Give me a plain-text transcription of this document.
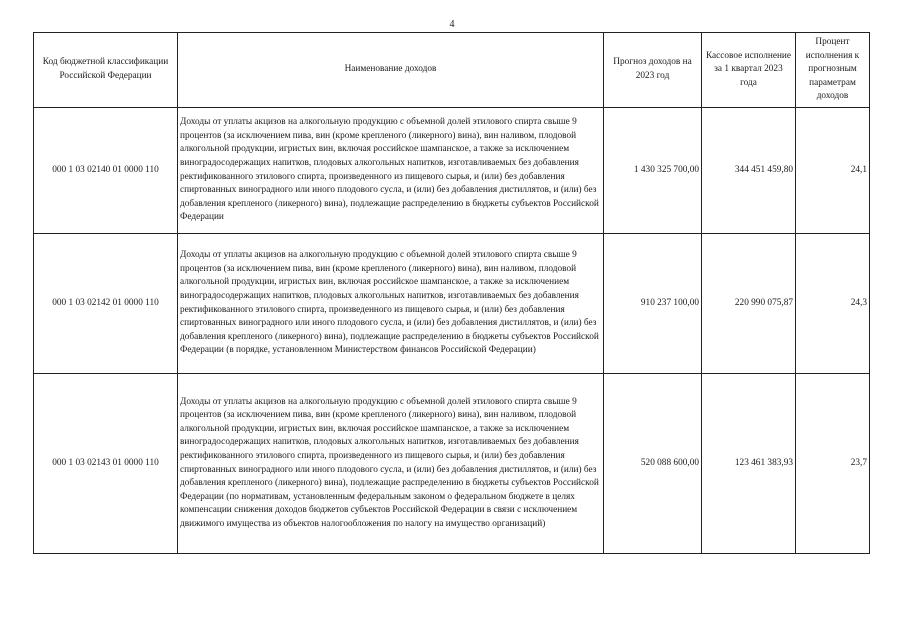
4
Код бюджетной классификации Российской Федерации	Наименование доходов	Прогноз доходов на 2023 год	Кассовое исполнение за 1 квартал 2023 года	Процент исполнения к прогнозным параметрам доходов
000 1 03 02140 01 0000 110	Доходы от уплаты акцизов на алкогольную продукцию с объемной долей этилового спирта свыше 9 процентов (за исключением пива, вин (кроме крепленого (ликерного) вина), вин наливом, плодовой алкогольной продукции, игристых вин, включая российское шампанское, а также за исключением виноградосодержащих напитков, плодовых алкогольных напитков, изготавливаемых без добавления ректификованного этилового спирта, произведенного из пищевого сырья, и (или) без добавления спиртованных виноградного или иного плодового сусла, и (или) без добавления дистиллятов, и (или) без добавления крепленого (ликерного) вина), подлежащие распределению в бюджеты субъектов Российской Федерации	1 430 325 700,00	344 451 459,80	24,1
000 1 03 02142 01 0000 110	Доходы от уплаты акцизов на алкогольную продукцию с объемной долей этилового спирта свыше 9 процентов (за исключением пива, вин (кроме крепленого (ликерного) вина), вин наливом, плодовой алкогольной продукции, игристых вин, включая российское шампанское, а также за исключением виноградосодержащих напитков, плодовых алкогольных напитков, изготавливаемых без добавления ректификованного этилового спирта, произведенного из пищевого сырья, и (или) без добавления спиртованных виноградного или иного плодового сусла, и (или) без добавления дистиллятов, и (или) без добавления крепленого (ликерного) вина), подлежащие распределению в бюджеты субъектов Российской Федерации (в порядке, установленном Министерством финансов Российской Федерации)	910 237 100,00	220 990 075,87	24,3
000 1 03 02143 01 0000 110	Доходы от уплаты акцизов на алкогольную продукцию с объемной долей этилового спирта свыше 9 процентов (за исключением пива, вин (кроме крепленого (ликерного) вина), вин наливом, плодовой алкогольной продукции, игристых вин, включая российское шампанское, а также за исключением виноградосодержащих напитков, плодовых алкогольных напитков, изготавливаемых без добавления ректификованного этилового спирта, произведенного из пищевого сырья, и (или) без добавления спиртованных виноградного или иного плодового сусла, и (или) без добавления дистиллятов, и (или) без добавления крепленого (ликерного) вина), подлежащие распределению в бюджеты субъектов Российской Федерации (по нормативам, установленным федеральным законом о федеральном бюджете в целях компенсации снижения доходов бюджетов субъектов Российской Федерации в связи с исключением движимого имущества из объектов налогообложения по налогу на имущество организаций)	520 088 600,00	123 461 383,93	23,7
